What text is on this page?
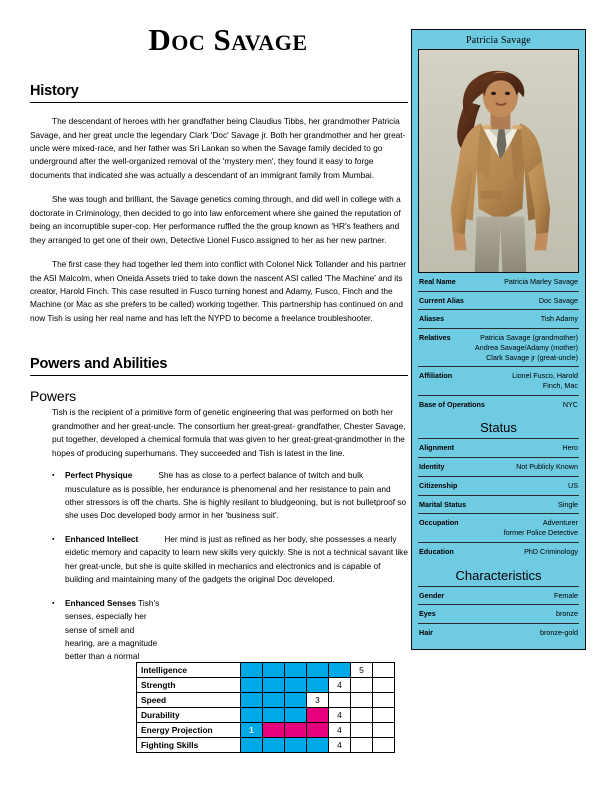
Doc Savage
History

The descendant of heroes with her grandfather being Claudius Tibbs, her grandmother Patricia Savage, and her great uncle the legendary Clark 'Doc' Savage jr. Both her grandmother and her great-uncle were mixed-race, and her father was Sri Lankan so when the Savage family decided to go underground after the well-organized removal of the 'mystery men', they found it easy to forge documents that indicated she was actually a descendant of an immigrant family from Mumbai.

She was tough and brilliant, the Savage genetics coming through, and did well in college with a doctorate in Criminology, then decided to go into law enforcement where she gained the reputation of being an incorruptible super-cop. Her performance ruffled the the group known as 'HR's feathers and they arranged to get one of their own, Detective Lionel Fusco assigned to her as her new partner.

The first case they had together led them into conflict with Colonel Nick Tollander and his partner the ASI Malcolm, when Oneida Assets tried to take down the nascent ASI called 'The Machine' and its creator, Harold Finch. This case resulted in Fusco turning honest and Adamy, Fusco, Finch and the Machine (or Mac as she prefers to be called) working together. This partnership has continued on and now Tish is using her real name and has left the NYPD to become a freelance troubleshooter.

Powers and Abilities
Powers
Tish is the recipient of a primitive form of genetic engineering that was performed on both her grandmother and her great-uncle. The consortium her great-great- grandfather, Chester Savage, put together, developed a chemical formula that was given to her great-great-grandmother in the hopes of producing superhumans. They succeeded and Tish is latest in the line.
▪	Perfect Physique	She has as close to a perfect balance of twitch and bulk musculature as is possible, her endurance is phenomenal and her resistance to pain and other stressors is off the charts. She is highly resilant to bludgeoning, but is not bulletproof so she uses Doc developed body armor in her 'business suit'.
▪	Enhanced Intellect	Her mind is just as refined as her body, she possesses a nearly eidetic memory and capacity to learn new skills very quickly. She is not a technical savant like her great-uncle, but she is quite skilled in mechanics and electronics and is capable of building and maintaining many of the gadgets the original Doc developed.
▪	Enhanced Senses Tish's senses, especially her sense of smell and hearing, are a magnitude better than a normal
Intelligence						5	
Strength					4		
Speed				3			
Durability					4		
Energy Projection	1				4		
Fighting Skills					4		
Patricia Savage
Real Name	Patricia Marley Savage
Current Alias	Doc Savage
Aliases	Tish Adamy
Relatives	Patricia Savage (grandmother)
Andrea Savage/Adamy (mother)
Clark Savage jr (great-uncle)
Affiliation	Lionel Fusco, Harold
Finch, Mac
Base of Operations	NYC
Status
Alignment	Hero
Identity	Not Publicly Known
Citizenship	US
Marital Status	Single
Occupation	Adventurer
former Police Detective
Education	PhD Criminology
Characteristics
Gender	Female
Eyes	bronze
Hair	bronze-gold
